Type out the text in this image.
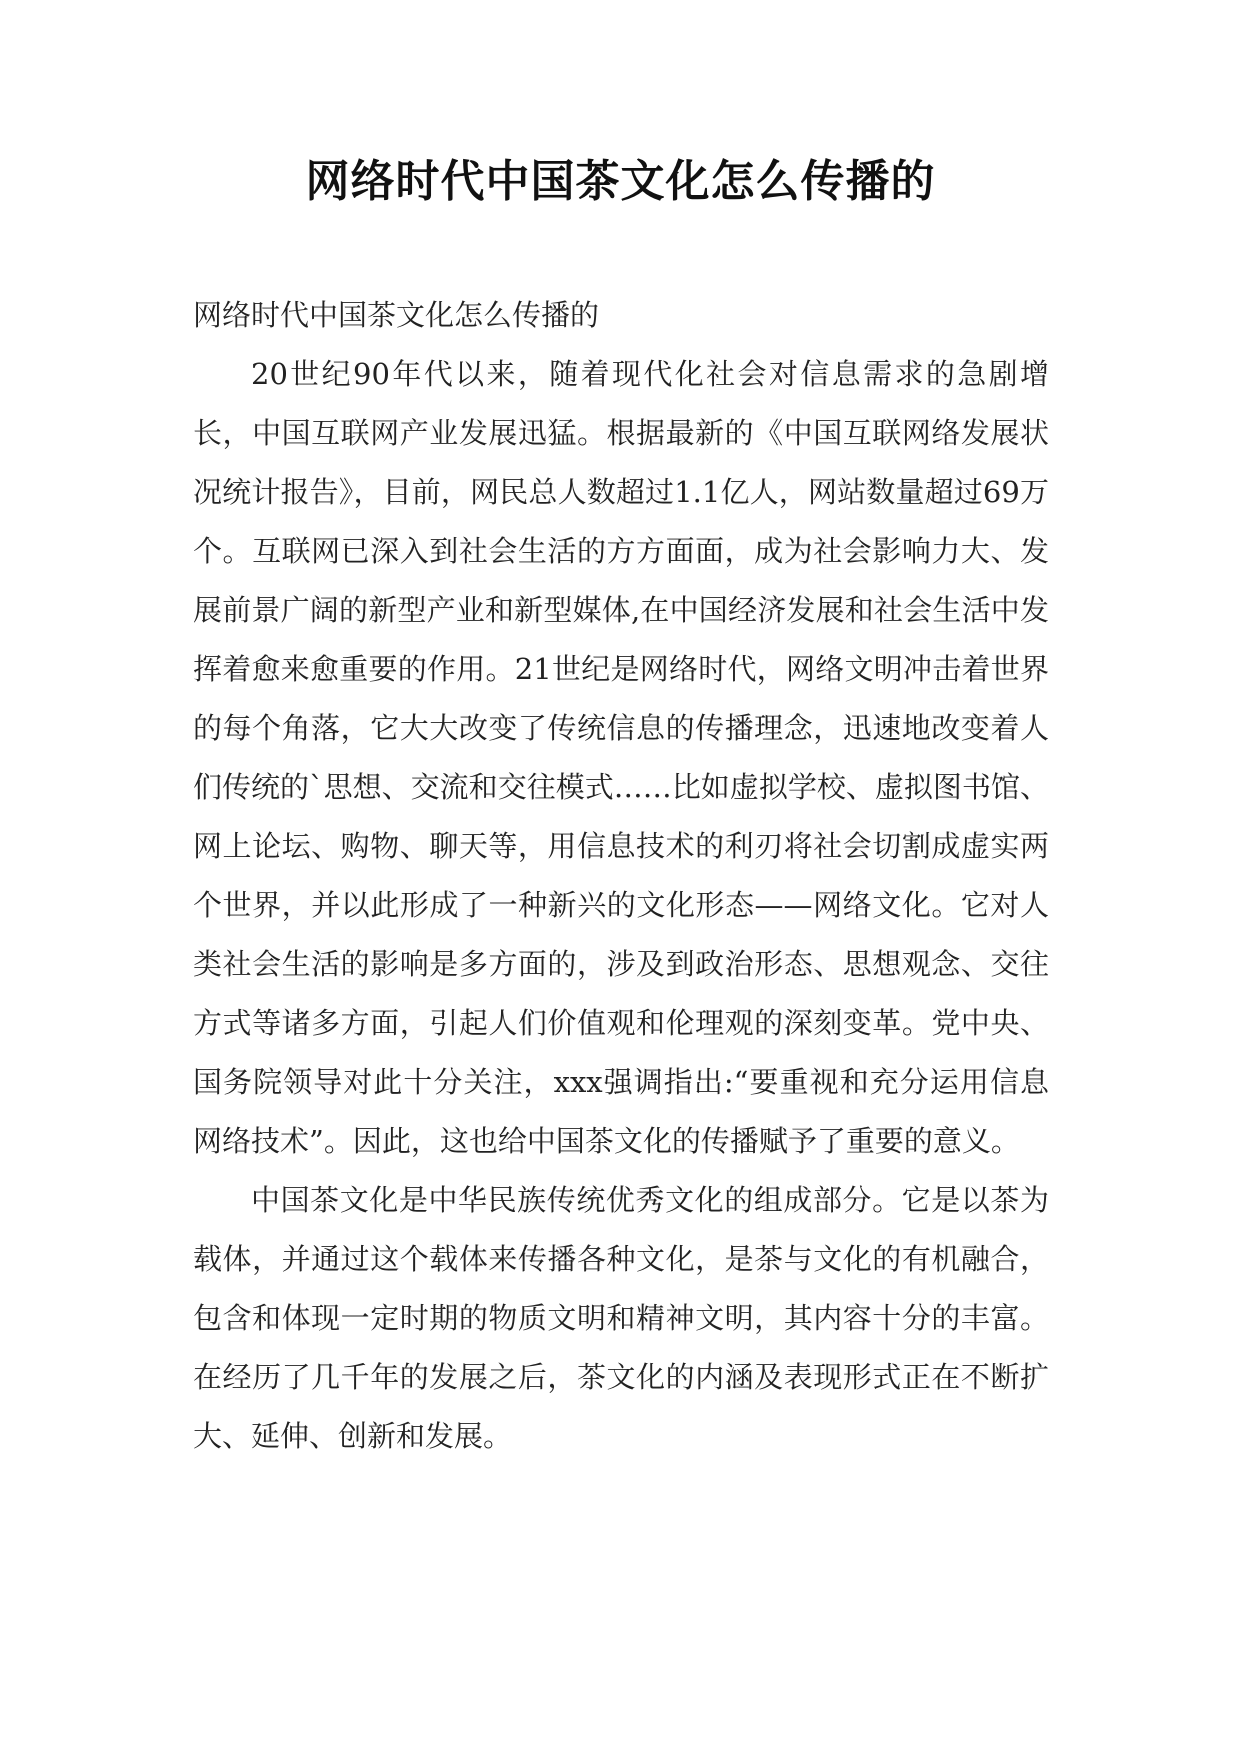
网络时代中国茶文化怎么传播的

网络时代中国茶文化怎么传播的

20世纪90年代以来，随着现代化社会对信息需求的急剧增长，中国互联网产业发展迅猛。根据最新的《中国互联网络发展状况统计报告》，目前，网民总人数超过1.1亿人，网站数量超过69万个。互联网已深入到社会生活的方方面面，成为社会影响力大、发展前景广阔的新型产业和新型媒体,在中国经济发展和社会生活中发挥着愈来愈重要的作用。21世纪是网络时代，网络文明冲击着世界的每个角落，它大大改变了传统信息的传播理念，迅速地改变着人们传统的`思想、交流和交往模式……比如虚拟学校、虚拟图书馆、网上论坛、购物、聊天等，用信息技术的利刃将社会切割成虚实两个世界，并以此形成了一种新兴的文化形态——网络文化。它对人类社会生活的影响是多方面的，涉及到政治形态、思想观念、交往方式等诸多方面，引起人们价值观和伦理观的深刻变革。党中央、国务院领导对此十分关注，xxx强调指出:“要重视和充分运用信息网络技术”。因此，这也给中国茶文化的传播赋予了重要的意义。

中国茶文化是中华民族传统优秀文化的组成部分。它是以茶为载体，并通过这个载体来传播各种文化，是茶与文化的有机融合，包含和体现一定时期的物质文明和精神文明，其内容十分的丰富。在经历了几千年的发展之后，茶文化的内涵及表现形式正在不断扩大、延伸、创新和发展。
